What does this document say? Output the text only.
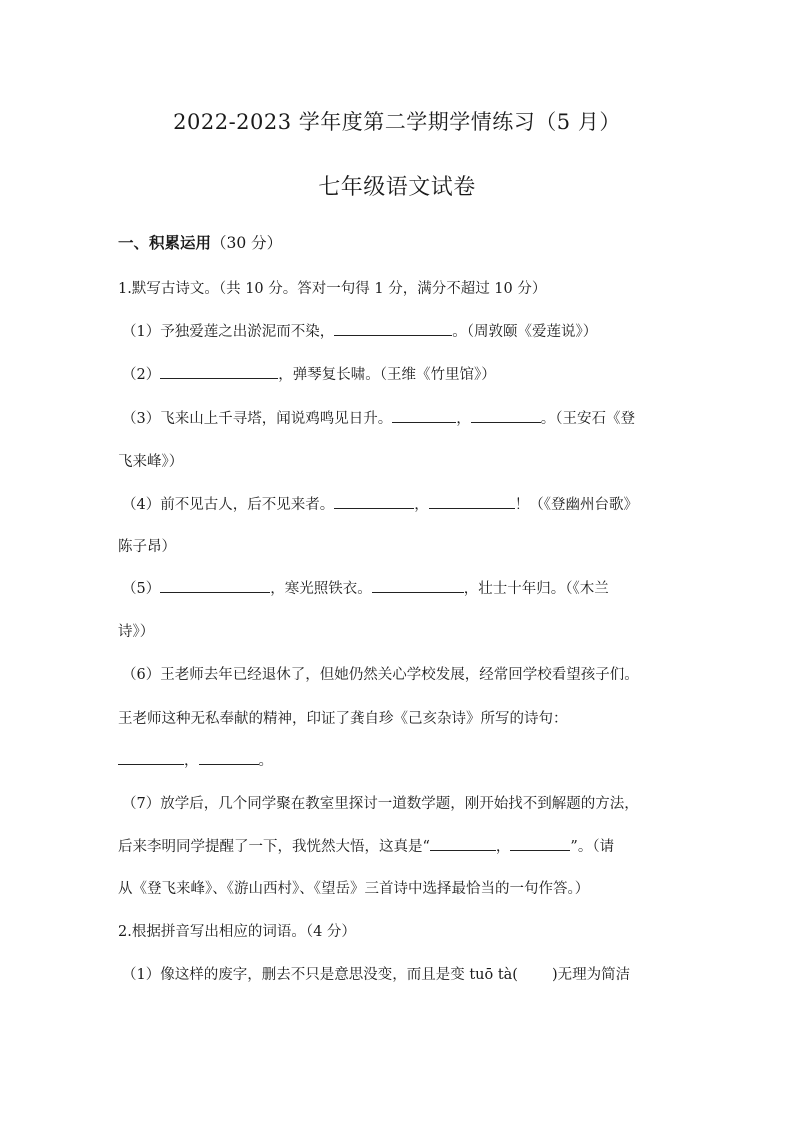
2022-2023 学年度第二学期学情练习（5 月）
七年级语文试卷
一、积累运用（30 分）
1.默写古诗文。（共 10 分。答对一句得 1 分，满分不超过 10 分）
（1）予独爱莲之出淤泥而不染，	。（周敦颐《爱莲说》）
（2）	，弹琴复长啸。（王维《竹里馆》）
（3）飞来山上千寻塔，闻说鸡鸣见日升。	，	。（王安石《登
飞来峰》）
（4）前不见古人，后不见来者。	，	！（《登幽州台歌》
陈子昂）
（5）	，寒光照铁衣。	，壮士十年归。（《木兰
诗》）
（6）王老师去年已经退休了，但她仍然关心学校发展，经常回学校看望孩子们。
王老师这种无私奉献的精神，印证了龚自珍《己亥杂诗》所写的诗句：
，	。
（7）放学后，几个同学聚在教室里探讨一道数学题，刚开始找不到解题的方法，
后来李明同学提醒了一下，我恍然大悟，这真是“	，	”。（请
从《登飞来峰》、《游山西村》、《望岳》三首诗中选择最恰当的一句作答。）
2.根据拼音写出相应的词语。（4 分）
（1）像这样的废字，删去不只是意思没变，而且是变 tuō tà( )无理为简洁
